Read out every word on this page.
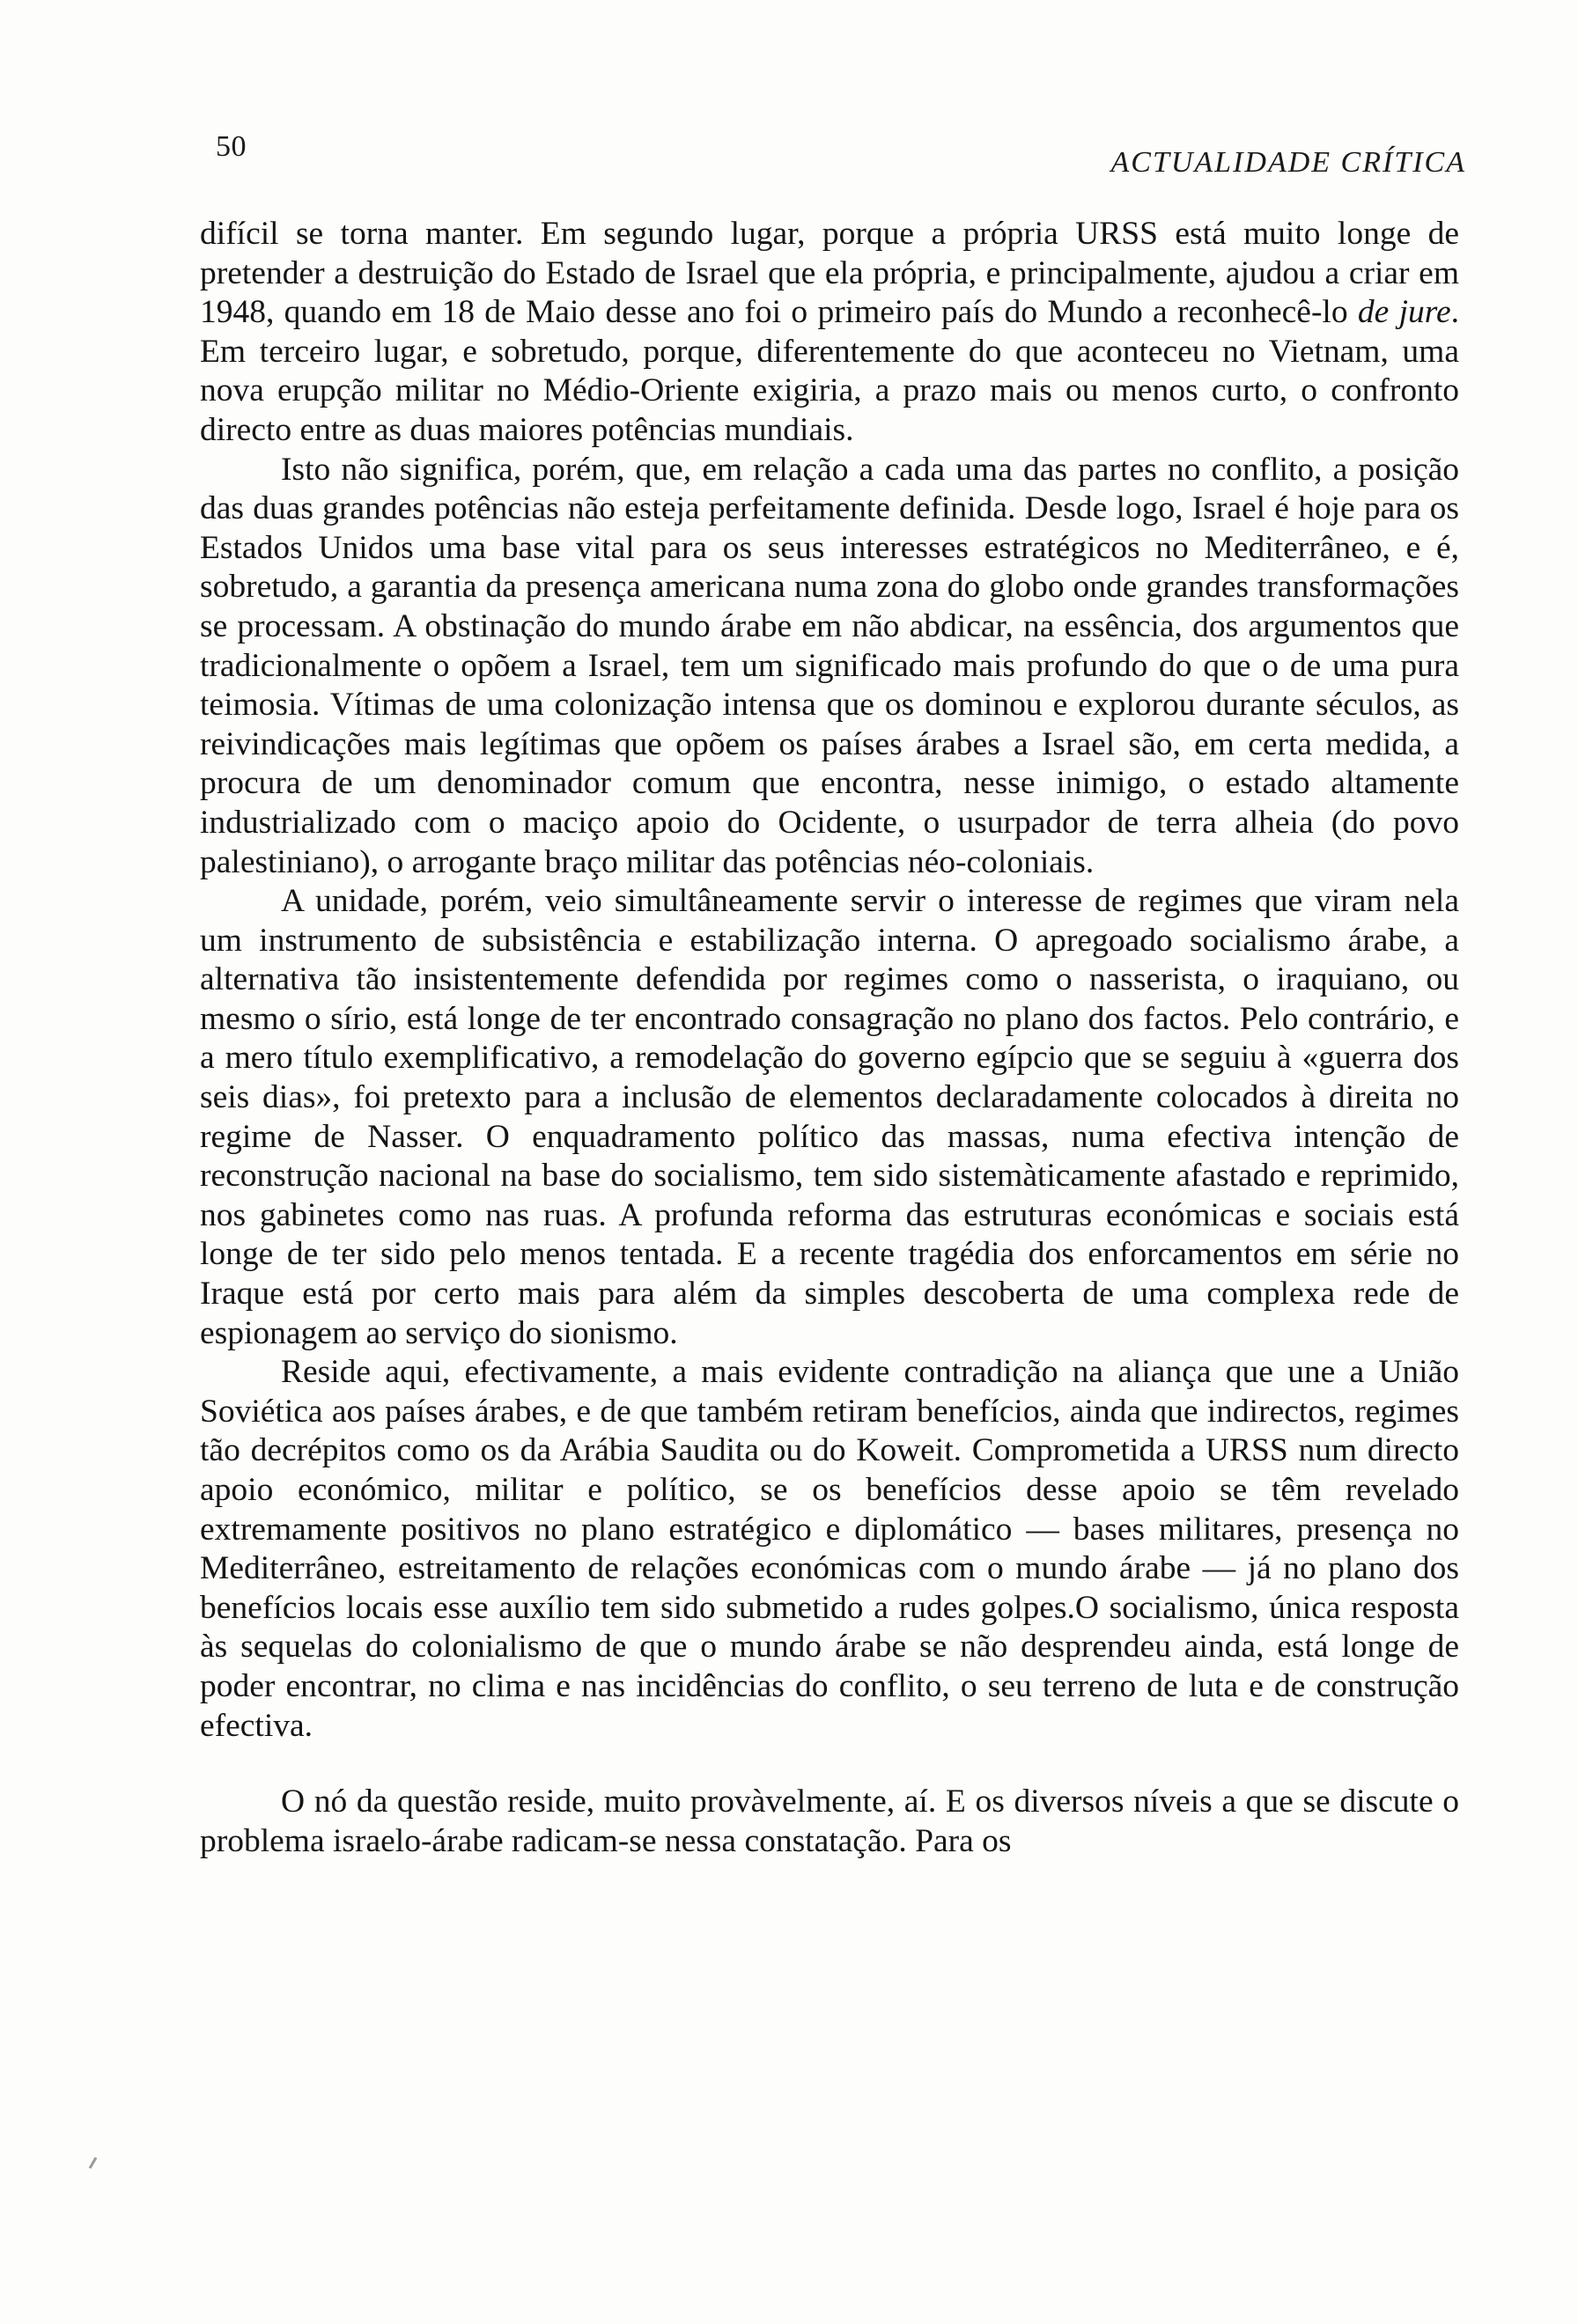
50	ACTUALIDADE CRÍTICA

difícil se torna manter. Em segundo lugar, porque a própria URSS está muito longe de pretender a destruição do Estado de Israel que ela própria, e principalmente, ajudou a criar em 1948, quando em 18 de Maio desse ano foi o primeiro país do Mundo a reconhecê-lo de jure. Em terceiro lugar, e sobretudo, porque, diferentemente do que aconteceu no Vietnam, uma nova erupção militar no Médio-Oriente exigiria, a prazo mais ou menos curto, o confronto directo entre as duas maiores potências mundiais.

Isto não significa, porém, que, em relação a cada uma das partes no conflito, a posição das duas grandes potências não esteja perfeitamente definida. Desde logo, Israel é hoje para os Estados Unidos uma base vital para os seus interesses estratégicos no Mediterrâneo, e é, sobretudo, a garantia da presença americana numa zona do globo onde grandes transformações se processam. A obstinação do mundo árabe em não abdicar, na essência, dos argumentos que tradicionalmente o opõem a Israel, tem um significado mais profundo do que o de uma pura teimosia. Vítimas de uma colonização intensa que os dominou e explorou durante séculos, as reivindicações mais legítimas que opõem os países árabes a Israel são, em certa medida, a procura de um denominador comum que encontra, nesse inimigo, o estado altamente industrializado com o maciço apoio do Ocidente, o usurpador de terra alheia (do povo palestiniano), o arrogante braço militar das potências néo-coloniais.

A unidade, porém, veio simultâneamente servir o interesse de regimes que viram nela um instrumento de subsistência e estabilização interna. O apregoado socialismo árabe, a alternativa tão insistentemente defendida por regimes como o nasserista, o iraquiano, ou mesmo o sírio, está longe de ter encontrado consagração no plano dos factos. Pelo contrário, e a mero título exemplificativo, a remodelação do governo egípcio que se seguiu à «guerra dos seis dias», foi pretexto para a inclusão de elementos declaradamente colocados à direita no regime de Nasser. O enquadramento político das massas, numa efectiva intenção de reconstrução nacional na base do socialismo, tem sido sistemàticamente afastado e reprimido, nos gabinetes como nas ruas. A profunda reforma das estruturas económicas e sociais está longe de ter sido pelo menos tentada. E a recente tragédia dos enforcamentos em série no Iraque está por certo mais para além da simples descoberta de uma complexa rede de espionagem ao serviço do sionismo.

Reside aqui, efectivamente, a mais evidente contradição na aliança que une a União Soviética aos países árabes, e de que também retiram benefícios, ainda que indirectos, regimes tão decrépitos como os da Arábia Saudita ou do Koweit. Comprometida a URSS num directo apoio económico, militar e político, se os benefícios desse apoio se têm revelado extremamente positivos no plano estratégico e diplomático — bases militares, presença no Mediterrâneo, estreitamento de relações económicas com o mundo árabe — já no plano dos benefícios locais esse auxílio tem sido submetido a rudes golpes.O socialismo, única resposta às sequelas do colonialismo de que o mundo árabe se não desprendeu ainda, está longe de poder encontrar, no clima e nas incidências do conflito, o seu terreno de luta e de construção efectiva.

O nó da questão reside, muito provàvelmente, aí. E os diversos níveis a que se discute o problema israelo-árabe radicam-se nessa constatação. Para os
